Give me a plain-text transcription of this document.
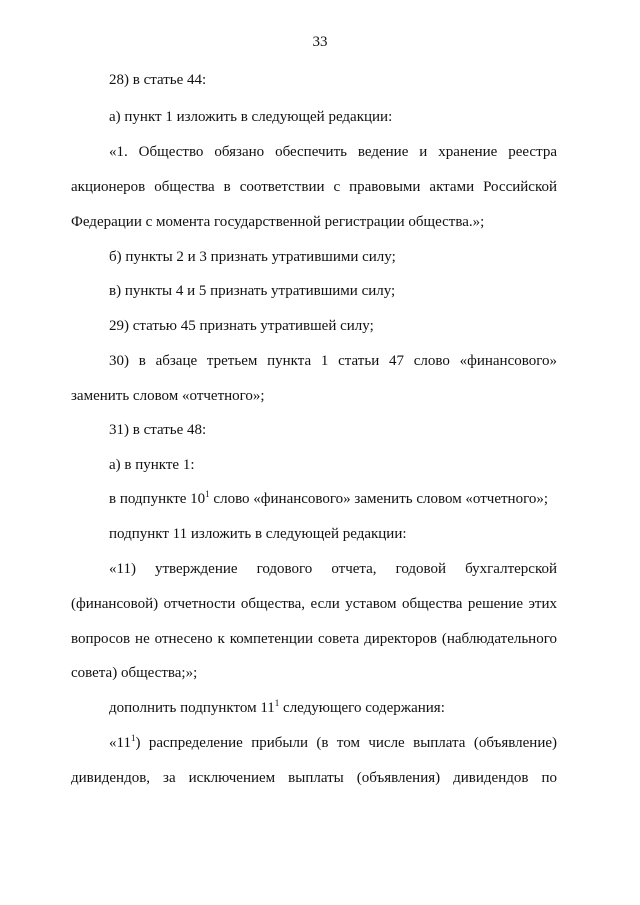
33
28) в статье 44:
а) пункт 1 изложить в следующей редакции:
«1. Общество обязано обеспечить ведение и хранение реестра
акционеров общества в соответствии с правовыми актами Российской
Федерации с момента государственной регистрации общества.»;
б) пункты 2 и 3 признать утратившими силу;
в) пункты 4 и 5 признать утратившими силу;
29) статью 45 признать утратившей силу;
30) в абзаце третьем пункта 1 статьи 47 слово «финансового»
заменить словом «отчетного»;
31) в статье 48:
а) в пункте 1:
в подпункте $10^1$ слово «финансового» заменить словом «отчетного»;
подпункт 11 изложить в следующей редакции:
«11) утверждение годового отчета, годовой бухгалтерской
(финансовой) отчетности общества, если уставом общества решение этих
вопросов не отнесено к компетенции совета директоров (наблюдательного
совета) общества;»;
дополнить подпунктом $11^1$ следующего содержания:
«$11^1$) распределение прибыли (в том числе выплата (объявление)
дивидендов, за исключением выплаты (объявления) дивидендов по
